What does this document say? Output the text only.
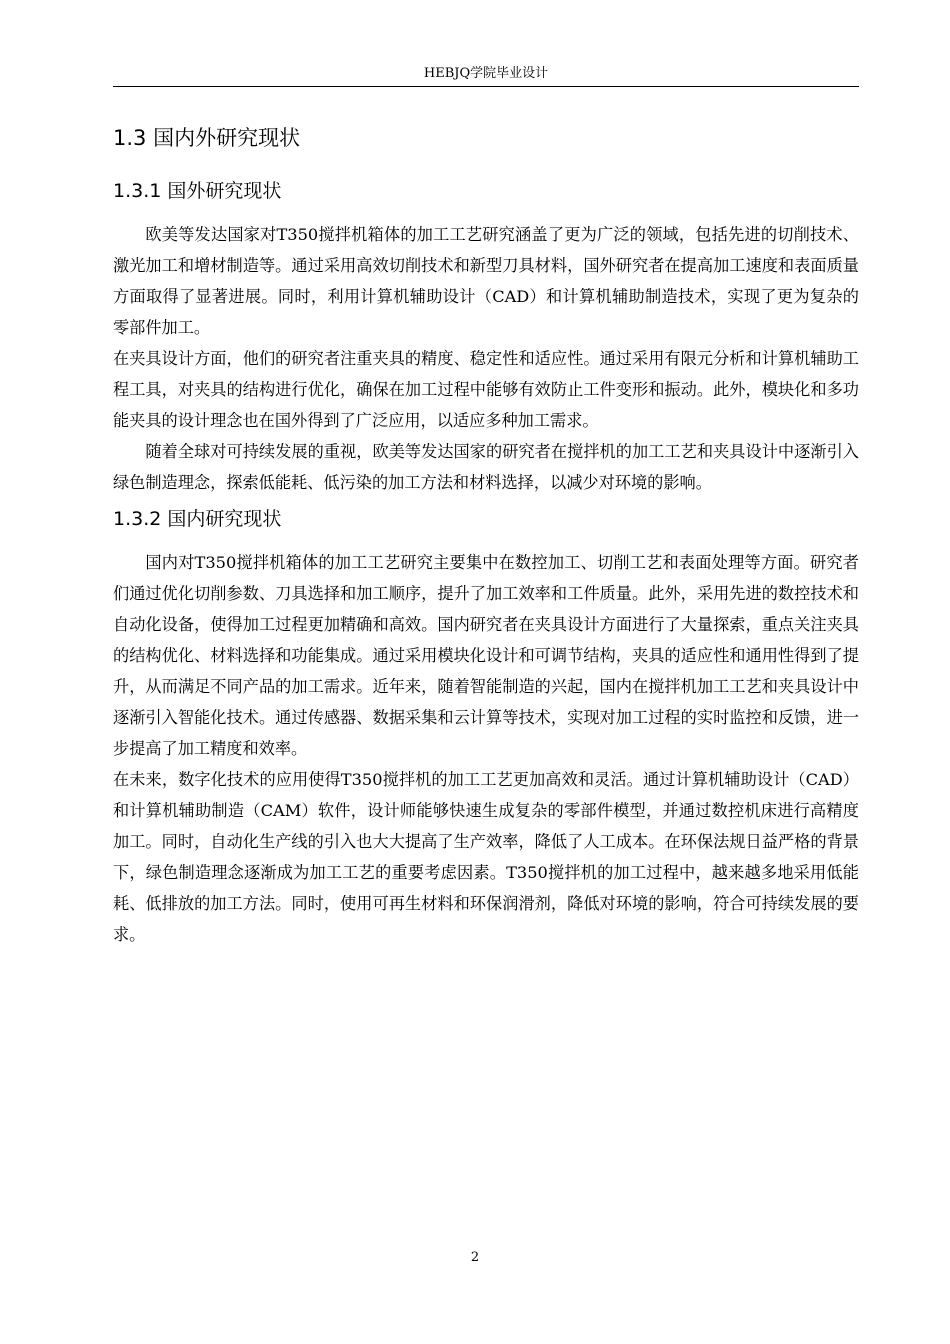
HEBJQ学院毕业设计
1.3 国内外研究现状
1.3.1 国外研究现状

欧美等发达国家对T350搅拌机箱体的加工工艺研究涵盖了更为广泛的领域，包括先进的切削技术、激光加工和增材制造等。通过采用高效切削技术和新型刀具材料，国外研究者在提高加工速度和表面质量方面取得了显著进展。同时，利用计算机辅助设计（CAD）和计算机辅助制造技术，实现了更为复杂的零部件加工。

在夹具设计方面，他们的研究者注重夹具的精度、稳定性和适应性。通过采用有限元分析和计算机辅助工程工具，对夹具的结构进行优化，确保在加工过程中能够有效防止工件变形和振动。此外，模块化和多功能夹具的设计理念也在国外得到了广泛应用，以适应多种加工需求。

随着全球对可持续发展的重视，欧美等发达国家的研究者在搅拌机的加工工艺和夹具设计中逐渐引入绿色制造理念，探索低能耗、低污染的加工方法和材料选择，以减少对环境的影响。

1.3.2 国内研究现状

国内对T350搅拌机箱体的加工工艺研究主要集中在数控加工、切削工艺和表面处理等方面。研究者们通过优化切削参数、刀具选择和加工顺序，提升了加工效率和工件质量。此外，采用先进的数控技术和自动化设备，使得加工过程更加精确和高效。国内研究者在夹具设计方面进行了大量探索，重点关注夹具的结构优化、材料选择和功能集成。通过采用模块化设计和可调节结构，夹具的适应性和通用性得到了提升，从而满足不同产品的加工需求。近年来，随着智能制造的兴起，国内在搅拌机加工工艺和夹具设计中逐渐引入智能化技术。通过传感器、数据采集和云计算等技术，实现对加工过程的实时监控和反馈，进一步提高了加工精度和效率。

在未来，数字化技术的应用使得T350搅拌机的加工工艺更加高效和灵活。通过计算机辅助设计（CAD）和计算机辅助制造（CAM）软件，设计师能够快速生成复杂的零部件模型，并通过数控机床进行高精度加工。同时，自动化生产线的引入也大大提高了生产效率，降低了人工成本。在环保法规日益严格的背景下，绿色制造理念逐渐成为加工工艺的重要考虑因素。T350搅拌机的加工过程中，越来越多地采用低能耗、低排放的加工方法。同时，使用可再生材料和环保润滑剂，降低对环境的影响，符合可持续发展的要求。

2
